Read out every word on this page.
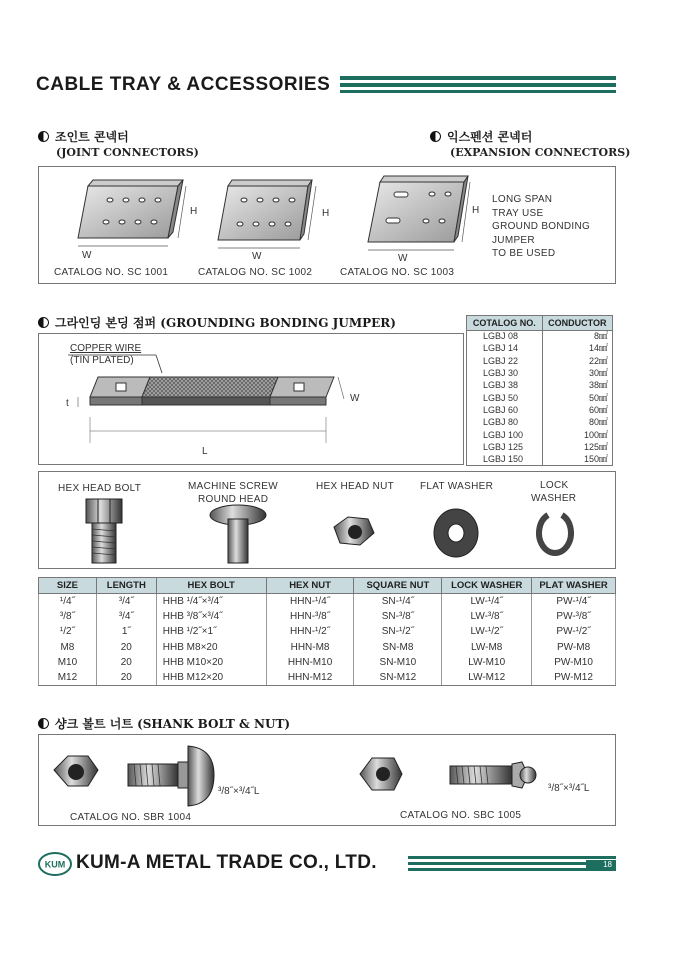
CABLE TRAY & ACCESSORIES
조인트 콘넥터
(JOINT CONNECTORS)
익스펜션 콘넥터
(EXPANSION CONNECTORS)
H
W
H
W
H
W
CATALOG NO. SC 1001	CATALOG NO. SC 1002	CATALOG NO. SC 1003
LONG SPAN
TRAY USE
GROUND BONDING
JUMPER
TO BE USED
그라인딩 본딩 점퍼 (GROUNDING BONDING JUMPER)
COPPER WIRE
(TIN PLATED)
t	W
L
COTALOG NO.	CONDUCTOR
LGBJ 08	8㎟
LGBJ 14	14㎟
LGBJ 22	22㎟
LGBJ 30	30㎟
LGBJ 38	38㎟
LGBJ 50	50㎟
LGBJ 60	60㎟
LGBJ 80	80㎟
LGBJ 100	100㎟
LGBJ 125	125㎟
LGBJ 150	150㎟
HEX HEAD BOLT	MACHINE SCREW
ROUND HEAD
HEX HEAD NUT	FLAT WASHER	LOCK
WASHER
SIZE	LENGTH	HEX BOLT	HEX NUT	SQUARE NUT	LOCK WASHER	PLAT WASHER
¹/4˝	³/4˝	HHB ¹/4˝×³/4˝	HHN-¹/4˝	SN-¹/4˝	LW-¹/4˝	PW-¹/4˝
³/8˝	³/4˝	HHB ³/8˝×³/4˝	HHN-³/8˝	SN-³/8˝	LW-³/8˝	PW-³/8˝
¹/2˝	1˝	HHB ¹/2˝×1˝	HHN-¹/2˝	SN-¹/2˝	LW-¹/2˝	PW-¹/2˝
M8	20	HHB M8×20	HHN-M8	SN-M8	LW-M8	PW-M8
M10	20	HHB M10×20	HHN-M10	SN-M10	LW-M10	PW-M10
M12	20	HHB M12×20	HHN-M12	SN-M12	LW-M12	PW-M12
샹크 볼트 너트 (SHANK BOLT & NUT)
³/8˝×³/4˝L	³/8˝×³/4˝L
CATALOG NO. SBR 1004	CATALOG NO. SBC 1005
KUM KUM-A METAL TRADE CO., LTD.	18
